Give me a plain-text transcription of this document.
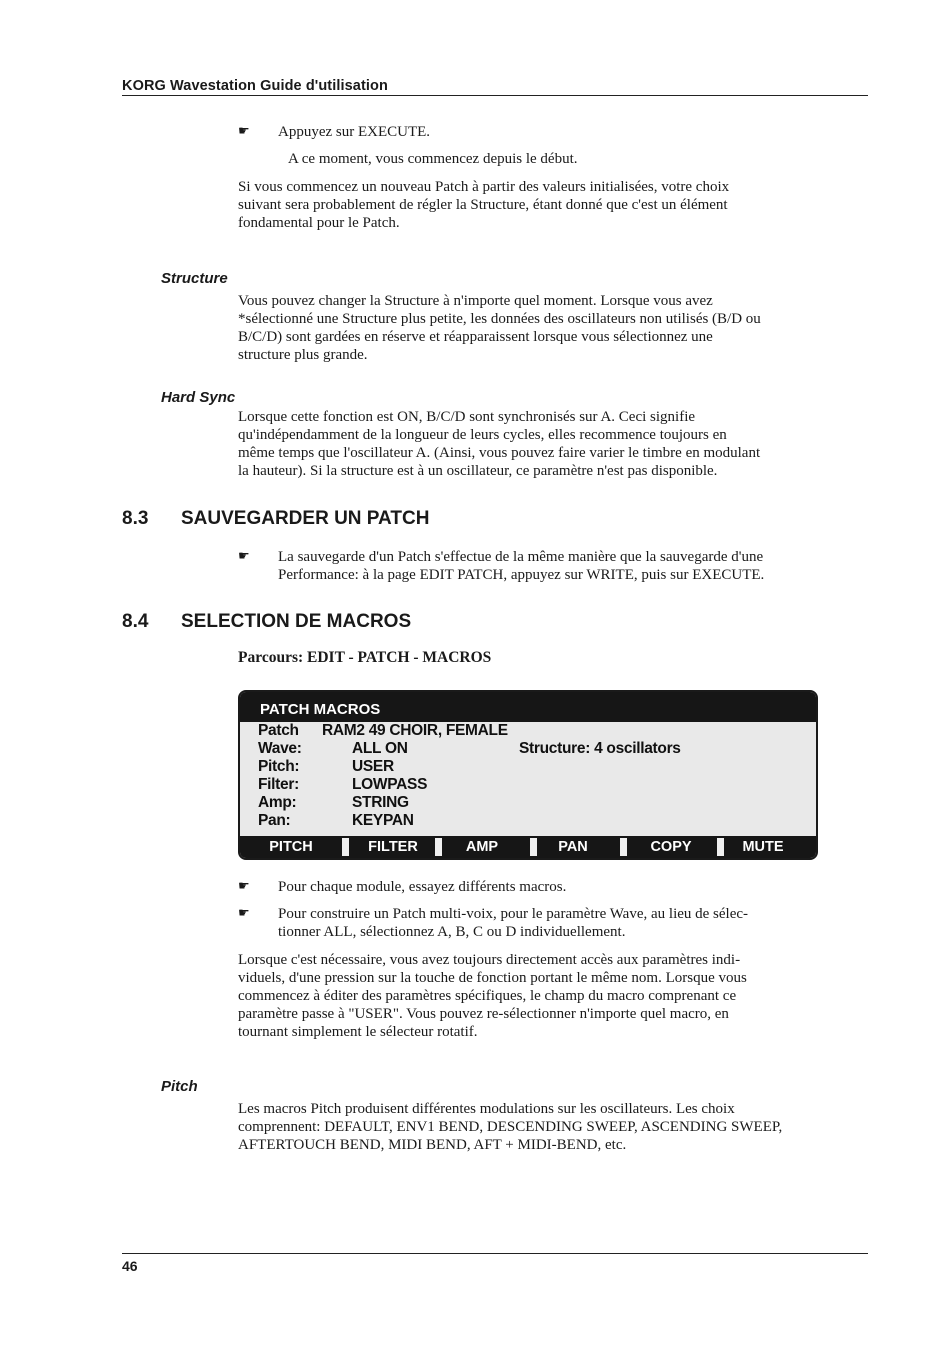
KORG Wavestation Guide d'utilisation
☛ Appuyez sur EXECUTE.
A ce moment, vous commencez depuis le début.
Si vous commencez un nouveau Patch à partir des valeurs initialisées, votre choix
suivant sera probablement de régler la Structure, étant donné que c'est un élément
fondamental pour le Patch.
Structure
Vous pouvez changer la Structure à n'importe quel moment. Lorsque vous avez
*sélectionné une Structure plus petite, les données des oscillateurs non utilisés (B/D ou
B/C/D) sont gardées en réserve et réapparaissent lorsque vous sélectionnez une
structure plus grande.
Hard Sync
Lorsque cette fonction est ON, B/C/D sont synchronisés sur A. Ceci signifie
qu'indépendamment de la longueur de leurs cycles, elles recommence toujours en
même temps que l'oscillateur A. (Ainsi, vous pouvez faire varier le timbre en modulant
la hauteur). Si la structure est à un oscillateur, ce paramètre n'est pas disponible.
8.3 SAUVEGARDER UN PATCH
☛ La sauvegarde d'un Patch s'effectue de la même manière que la sauvegarde d'une
Performance: à la page EDIT PATCH, appuyez sur WRITE, puis sur EXECUTE.
8.4 SELECTION DE MACROS
Parcours: EDIT - PATCH - MACROS
PATCH MACROS
Patch RAM2 49 CHOIR, FEMALE
Wave:	ALL ON	Structure: 4 oscillators
Pitch:	USER
Filter:	LOWPASS
Amp:	STRING
Pan:	KEYPAN
PITCH	FILTER	AMP	PAN	COPY	MUTE
☛ Pour chaque module, essayez différents macros.
☛ Pour construire un Patch multi-voix, pour le paramètre Wave, au lieu de sélec-
tionner ALL, sélectionnez A, B, C ou D individuellement.
Lorsque c'est nécessaire, vous avez toujours directement accès aux paramètres indi-
viduels, d'une pression sur la touche de fonction portant le même nom. Lorsque vous
commencez à éditer des paramètres spécifiques, le champ du macro comprenant ce
paramètre passe à "USER". Vous pouvez re-sélectionner n'importe quel macro, en
tournant simplement le sélecteur rotatif.
Pitch
Les macros Pitch produisent différentes modulations sur les oscillateurs. Les choix
comprennent: DEFAULT, ENV1 BEND, DESCENDING SWEEP, ASCENDING SWEEP,
AFTERTOUCH BEND, MIDI BEND, AFT + MIDI-BEND, etc.
46
